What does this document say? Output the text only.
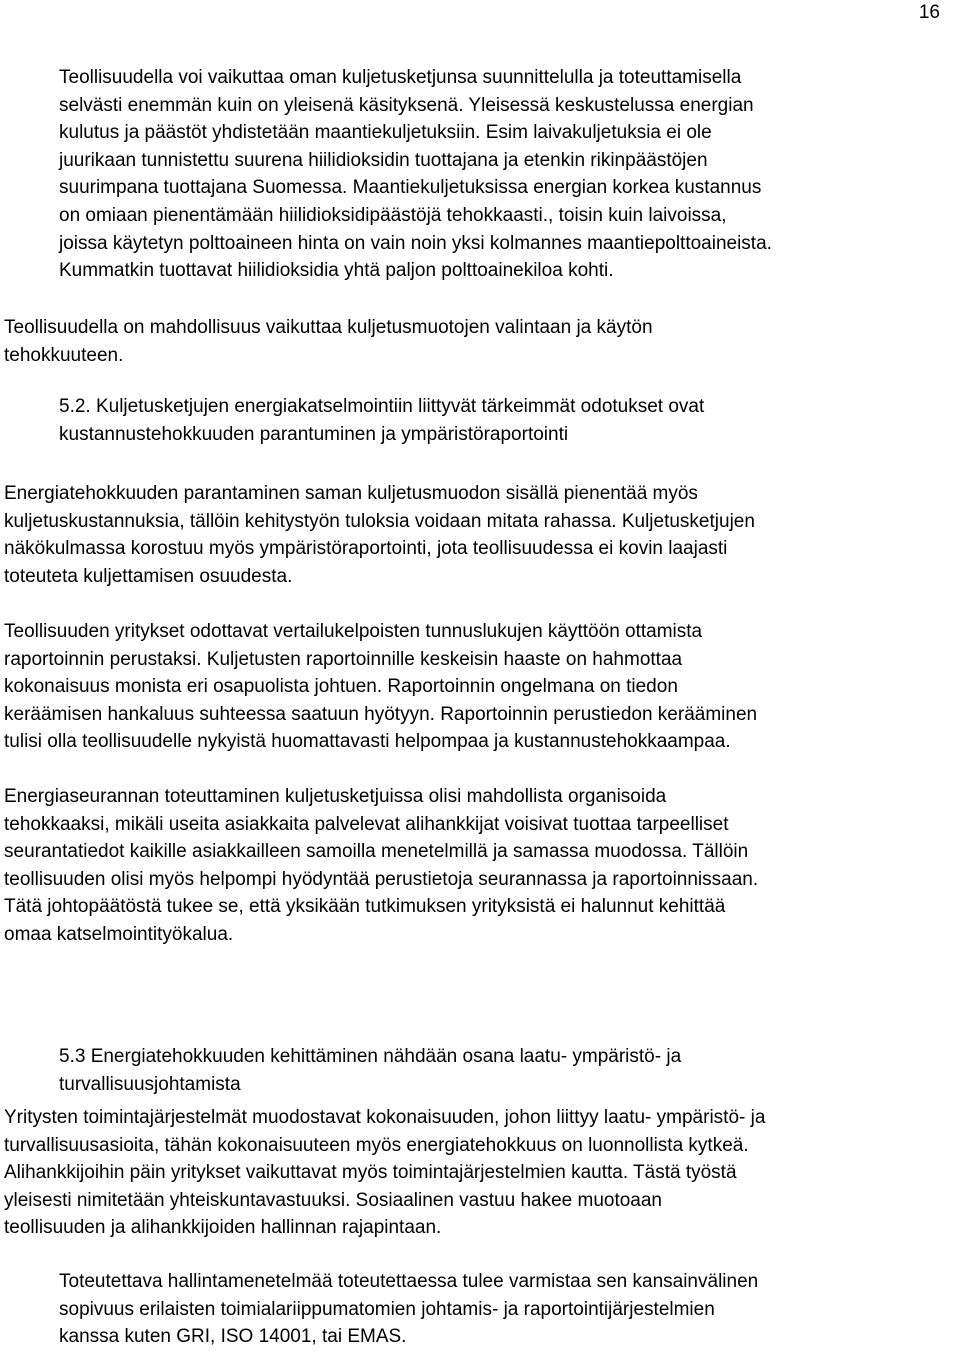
16

Teollisuudella voi vaikuttaa oman kuljetusketjunsa suunnittelulla ja toteuttamisella
selvästi enemmän kuin on yleisenä käsityksenä. Yleisessä keskustelussa energian
kulutus ja päästöt yhdistetään maantiekuljetuksiin. Esim laivakuljetuksia ei ole
juurikaan tunnistettu suurena hiilidioksidin tuottajana ja etenkin rikinpäästöjen
suurimpana tuottajana Suomessa. Maantiekuljetuksissa energian korkea kustannus
on omiaan pienentämään hiilidioksidipäästöjä tehokkaasti., toisin kuin laivoissa,
joissa käytetyn polttoaineen hinta on vain noin yksi kolmannes maantiepolttoaineista.
Kummatkin tuottavat hiilidioksidia yhtä paljon polttoainekiloa kohti.

Teollisuudella on mahdollisuus vaikuttaa kuljetusmuotojen valintaan ja käytön
tehokkuuteen.

5.2. Kuljetusketjujen energiakatselmointiin liittyvät tärkeimmät odotukset ovat
kustannustehokkuuden parantuminen ja ympäristöraportointi

Energiatehokkuuden parantaminen saman kuljetusmuodon sisällä pienentää myös
kuljetuskustannuksia, tällöin kehitystyön tuloksia voidaan mitata rahassa. Kuljetusketjujen
näkökulmassa korostuu myös ympäristöraportointi, jota teollisuudessa ei kovin laajasti
toteuteta kuljettamisen osuudesta.

Teollisuuden yritykset odottavat vertailukelpoisten tunnuslukujen käyttöön ottamista
raportoinnin perustaksi. Kuljetusten raportoinnille keskeisin haaste on hahmottaa
kokonaisuus monista eri osapuolista johtuen. Raportoinnin ongelmana on tiedon
keräämisen hankaluus suhteessa saatuun hyötyyn. Raportoinnin perustiedon kerääminen
tulisi olla teollisuudelle nykyistä huomattavasti helpompaa ja kustannustehokkaampaa.

Energiaseurannan toteuttaminen kuljetusketjuissa olisi mahdollista organisoida
tehokkaaksi, mikäli useita asiakkaita palvelevat alihankkijat voisivat tuottaa tarpeelliset
seurantatiedot kaikille asiakkailleen samoilla menetelmillä ja samassa muodossa. Tällöin
teollisuuden olisi myös helpompi hyödyntää perustietoja seurannassa ja raportoinnissaan.
Tätä johtopäätöstä tukee se, että yksikään tutkimuksen yrityksistä ei halunnut kehittää
omaa katselmointityökalua.

5.3 Energiatehokkuuden kehittäminen nähdään osana laatu- ympäristö- ja
turvallisuusjohtamista

Yritysten toimintajärjestelmät muodostavat kokonaisuuden, johon liittyy laatu- ympäristö- ja
turvallisuusasioita, tähän kokonaisuuteen myös energiatehokkuus on luonnollista kytkeä.
Alihankkijoihin päin yritykset vaikuttavat myös toimintajärjestelmien kautta. Tästä työstä
yleisesti nimitetään yhteiskuntavastuuksi. Sosiaalinen vastuu hakee muotoaan
teollisuuden ja alihankkijoiden hallinnan rajapintaan.

Toteutettava hallintamenetelmää toteutettaessa tulee varmistaa sen kansainvälinen
sopivuus erilaisten toimialariippumatomien johtamis- ja raportointijärjestelmien
kanssa kuten GRI, ISO 14001, tai EMAS.
